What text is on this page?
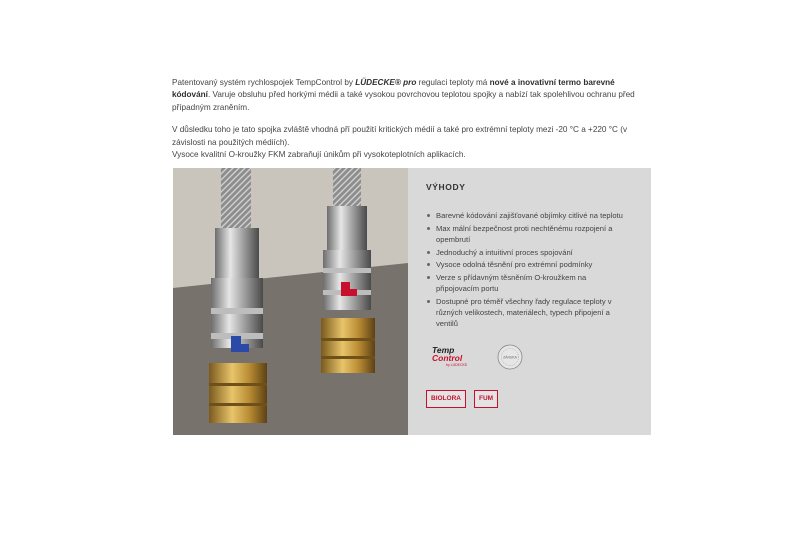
Patentovaný systém rychlospojek TempControl by LÜDECKE® pro regulaci teploty má nové a inovativní termo barevné kódování. Varuje obsluhu před horkými médii a také vysokou povrchovou teplotou spojky a nabízí tak spolehlivou ochranu před případným zraněním.

V důsledku toho je tato spojka zvláště vhodná pří použití kritických médií a také pro extrémní teploty mezi -20 °C a +220 °C (v závislosti na použitých médiích).

Vysoce kvalitní O-kroužky FKM zabraňují únikům při vysokoteplotních aplikacích.

VÝHODY
Barevné kódování zajišťované objímky citlivé na teplotu
Max mální bezpečnost proti nechtěnému rozpojení a opembrutí
Jednoduchý a intuitivní proces spojování
Vysoce odolná těsnění pro extrémní podmínky
Verze s přídavným těsněním O-kroužkem na připojovacím portu
Dostupné pro téměř všechny řady regulace teploty v různých velikostech, materiálech, typech připojení a ventilů
Temp
Control
by LÜDECKE
ZÁRUKA
BIOLORA	FUM
